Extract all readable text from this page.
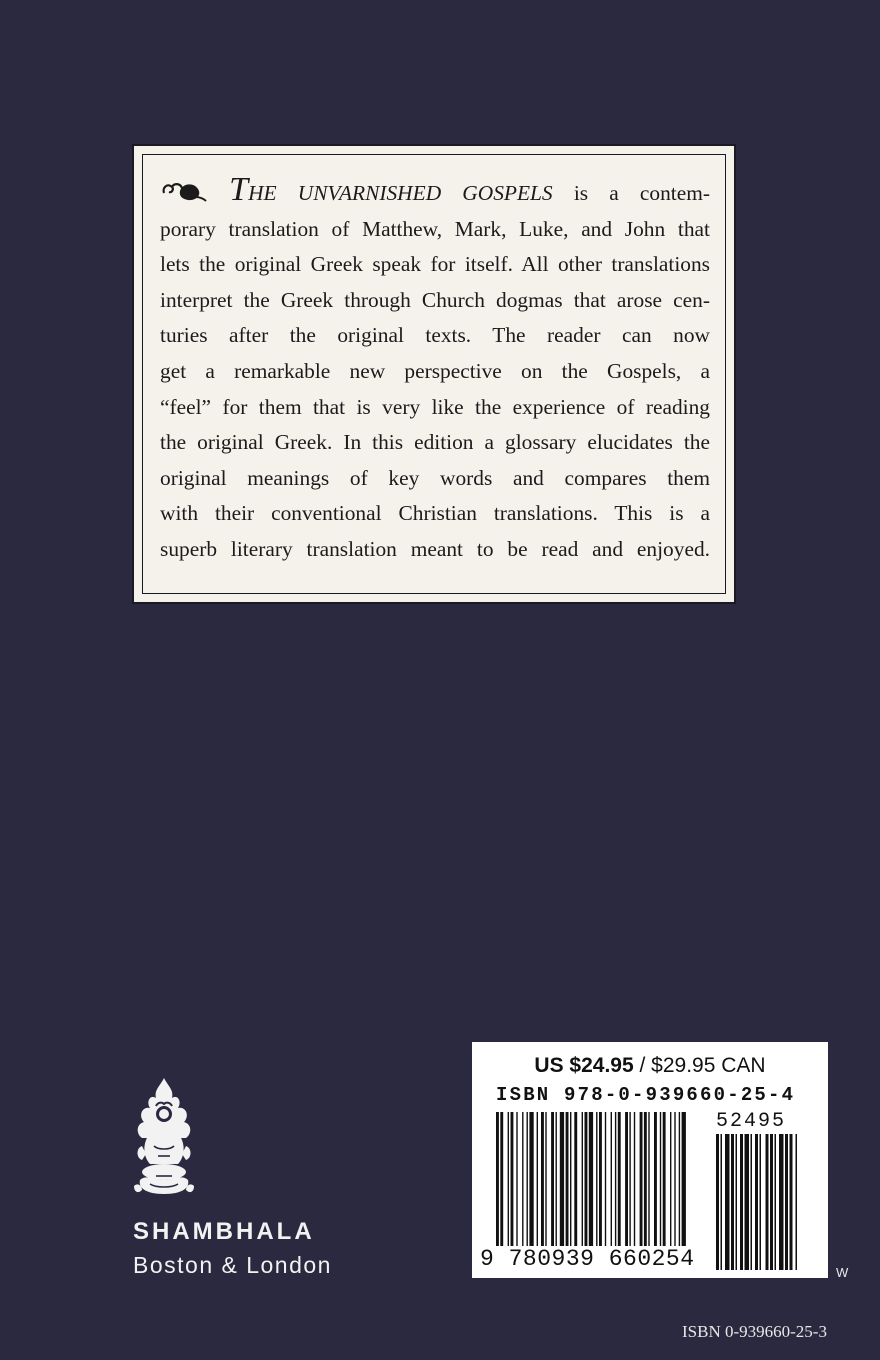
THE UNVARNISHED GOSPELS is a contem-
porary translation of Matthew, Mark, Luke, and John that
lets the original Greek speak for itself. All other translations
interpret the Greek through Church dogmas that arose cen-
turies after the original texts. The reader can now
get a remarkable new perspective on the Gospels, a
“feel” for them that is very like the experience of reading
the original Greek. In this edition a glossary elucidates the
original meanings of key words and compares them
with their conventional Christian translations. This is a
superb literary translation meant to be read and enjoyed.
SHAMBHALA
Boston & London
US $24.95 / $29.95 CAN
ISBN 978-0-939660-25-4
52495
9 780939 660254
W
ISBN 0-939660-25-3
